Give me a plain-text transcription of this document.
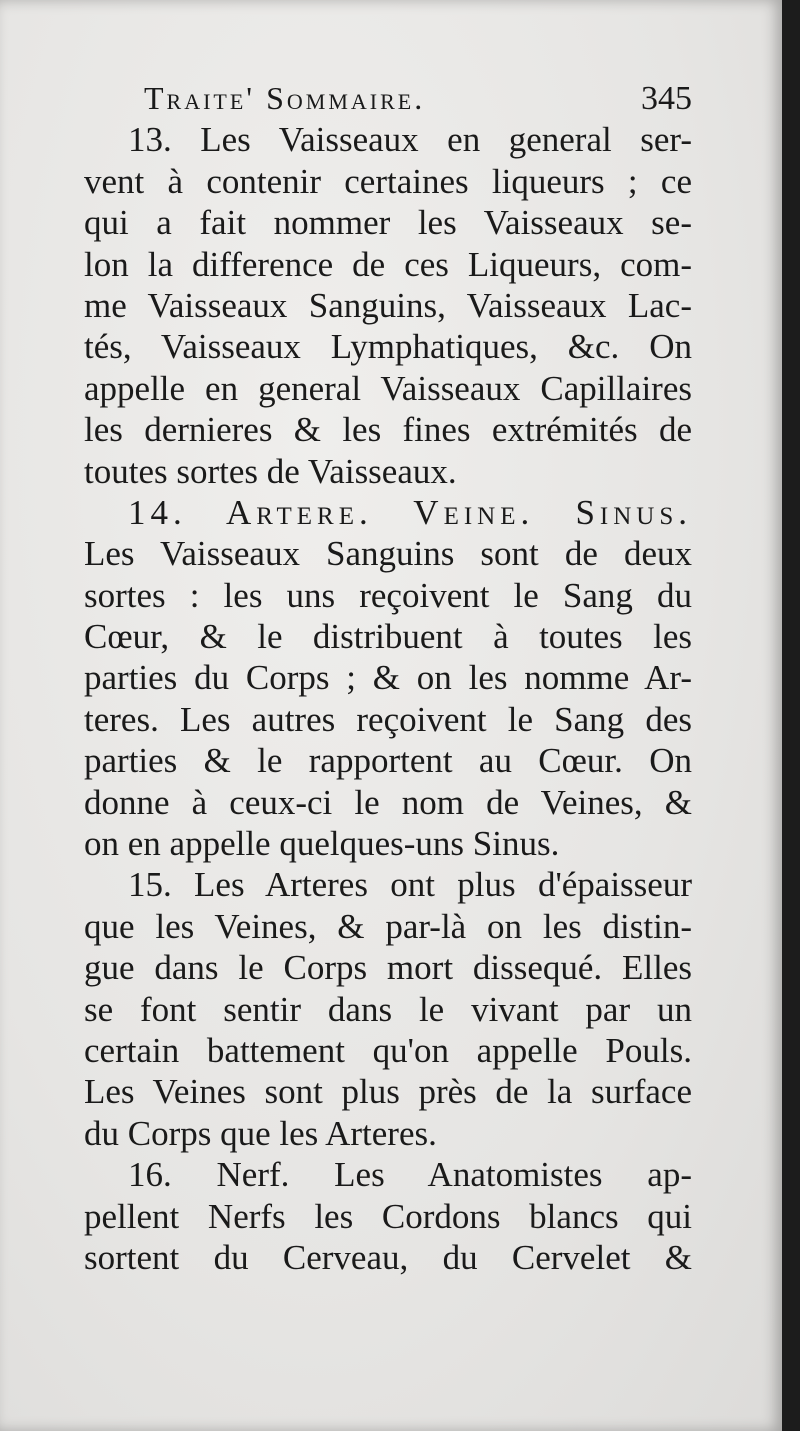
Traite' Sommaire.	345
13. Les Vaisseaux en general ser-
vent à contenir certaines liqueurs ; ce
qui a fait nommer les Vaisseaux se-
lon la difference de ces Liqueurs, com-
me Vaisseaux Sanguins, Vaisseaux Lac-
tés, Vaisseaux Lymphatiques, &c. On
appelle en general Vaisseaux Capillaires
les dernieres & les fines extrémités de
toutes sortes de Vaisseaux.
14. Artere. Veine. Sinus.
Les Vaisseaux Sanguins sont de deux
sortes : les uns reçoivent le Sang du
Cœur, & le distribuent à toutes les
parties du Corps ; & on les nomme Ar-
teres. Les autres reçoivent le Sang des
parties & le rapportent au Cœur. On
donne à ceux-ci le nom de Veines, &
on en appelle quelques-uns Sinus.
15. Les Arteres ont plus d'épaisseur
que les Veines, & par-là on les distin-
gue dans le Corps mort dissequé. Elles
se font sentir dans le vivant par un
certain battement qu'on appelle Pouls.
Les Veines sont plus près de la surface
du Corps que les Arteres.
16. Nerf. Les Anatomistes ap-
pellent Nerfs les Cordons blancs qui
sortent du Cerveau, du Cervelet &
